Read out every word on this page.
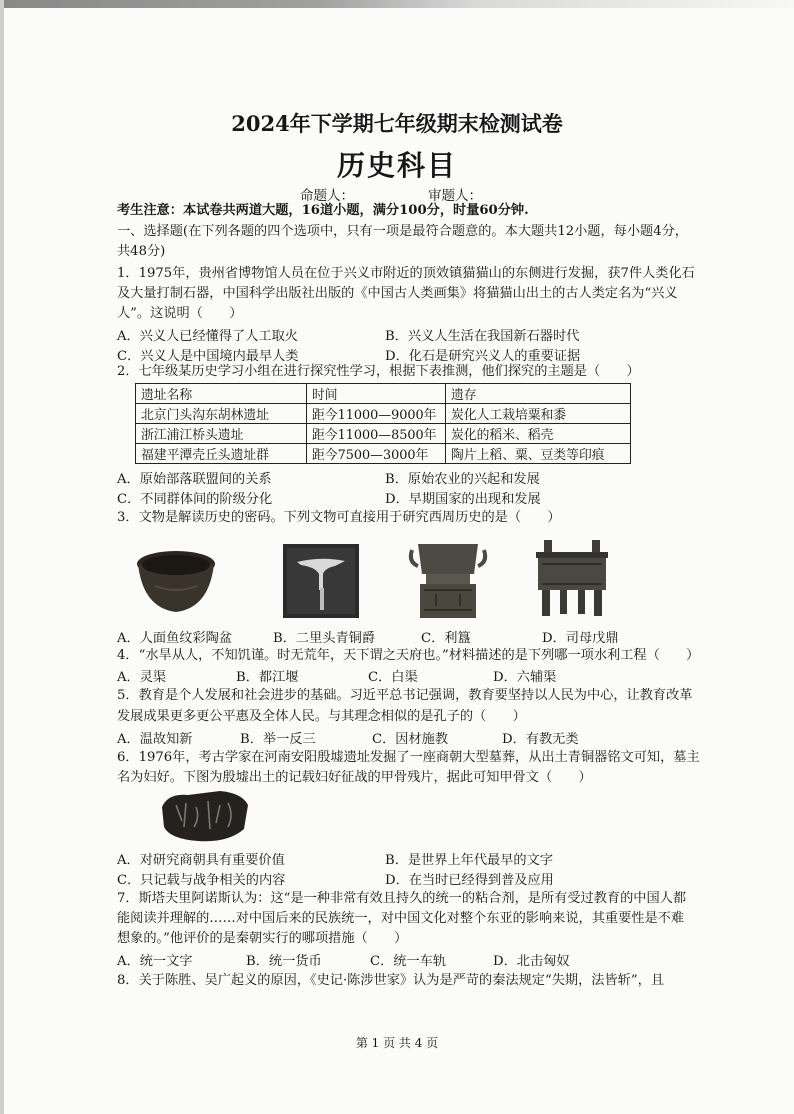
2024年下学期七年级期末检测试卷
历史科目
命题人：	审题人：
考生注意：本试卷共两道大题，16道小题，满分100分，时量60分钟.
一、选择题(在下列各题的四个选项中，只有一项是最符合题意的。本大题共12小题，每小题4分，
共48分)
1．1975年，贵州省博物馆人员在位于兴义市附近的顶效镇猫猫山的东侧进行发掘，获7件人类化石
及大量打制石器，中国科学出版社出版的《中国古人类画集》将猫猫山出土的古人类定名为“兴义
人”。这说明（　　）
A．兴义人已经懂得了人工取火	B．兴义人生活在我国新石器时代
C．兴义人是中国境内最早人类	D．化石是研究兴义人的重要证据
2．七年级某历史学习小组在进行探究性学习，根据下表推测，他们探究的主题是（　　）
遗址名称	时间	遗存
北京门头沟东胡林遗址	距今11000—9000年	炭化人工栽培粟和黍
浙江浦江桥头遗址	距今11000—8500年	炭化的稻米、稻壳
福建平潭壳丘头遗址群	距今7500—3000年	陶片上稻、粟、豆类等印痕
A．原始部落联盟间的关系	B．原始农业的兴起和发展
C．不同群体间的阶级分化	D．早期国家的出现和发展
3．文物是解读历史的密码。下列文物可直接用于研究西周历史的是（　　）
A．人面鱼纹彩陶盆	B．二里头青铜爵	C．利簋	D．司母戊鼎
4．“水旱从人，不知饥谨。时无荒年，天下谓之天府也。”材料描述的是下列哪一项水利工程（　　）
A．灵渠	B．都江堰	C．白渠	D．六辅渠
5．教育是个人发展和社会进步的基础。习近平总书记强调，教育要坚持以人民为中心，让教育改革
发展成果更多更公平惠及全体人民。与其理念相似的是孔子的（　　）
A．温故知新	B．举一反三	C．因材施教	D．有教无类
6．1976年，考古学家在河南安阳殷墟遗址发掘了一座商朝大型墓葬，从出土青铜器铭文可知，墓主
名为妇好。下图为殷墟出土的记载妇好征战的甲骨残片，据此可知甲骨文（　　）
A．对研究商朝具有重要价值	B．是世界上年代最早的文字
C．只记载与战争相关的内容	D．在当时已经得到普及应用
7．斯塔夫里阿诺斯认为：这“是一种非常有效且持久的统一的粘合剂，是所有受过教育的中国人都
能阅读并理解的……对中国后来的民族统一，对中国文化对整个东亚的影响来说，其重要性是不难
想象的。”他评价的是秦朝实行的哪项措施（　　）
A．统一文字	B．统一货币	C．统一车轨	D．北击匈奴
8．关于陈胜、吴广起义的原因，《史记·陈涉世家》认为是严苛的秦法规定“失期，法皆斩”，且
第 1 页 共 4 页
